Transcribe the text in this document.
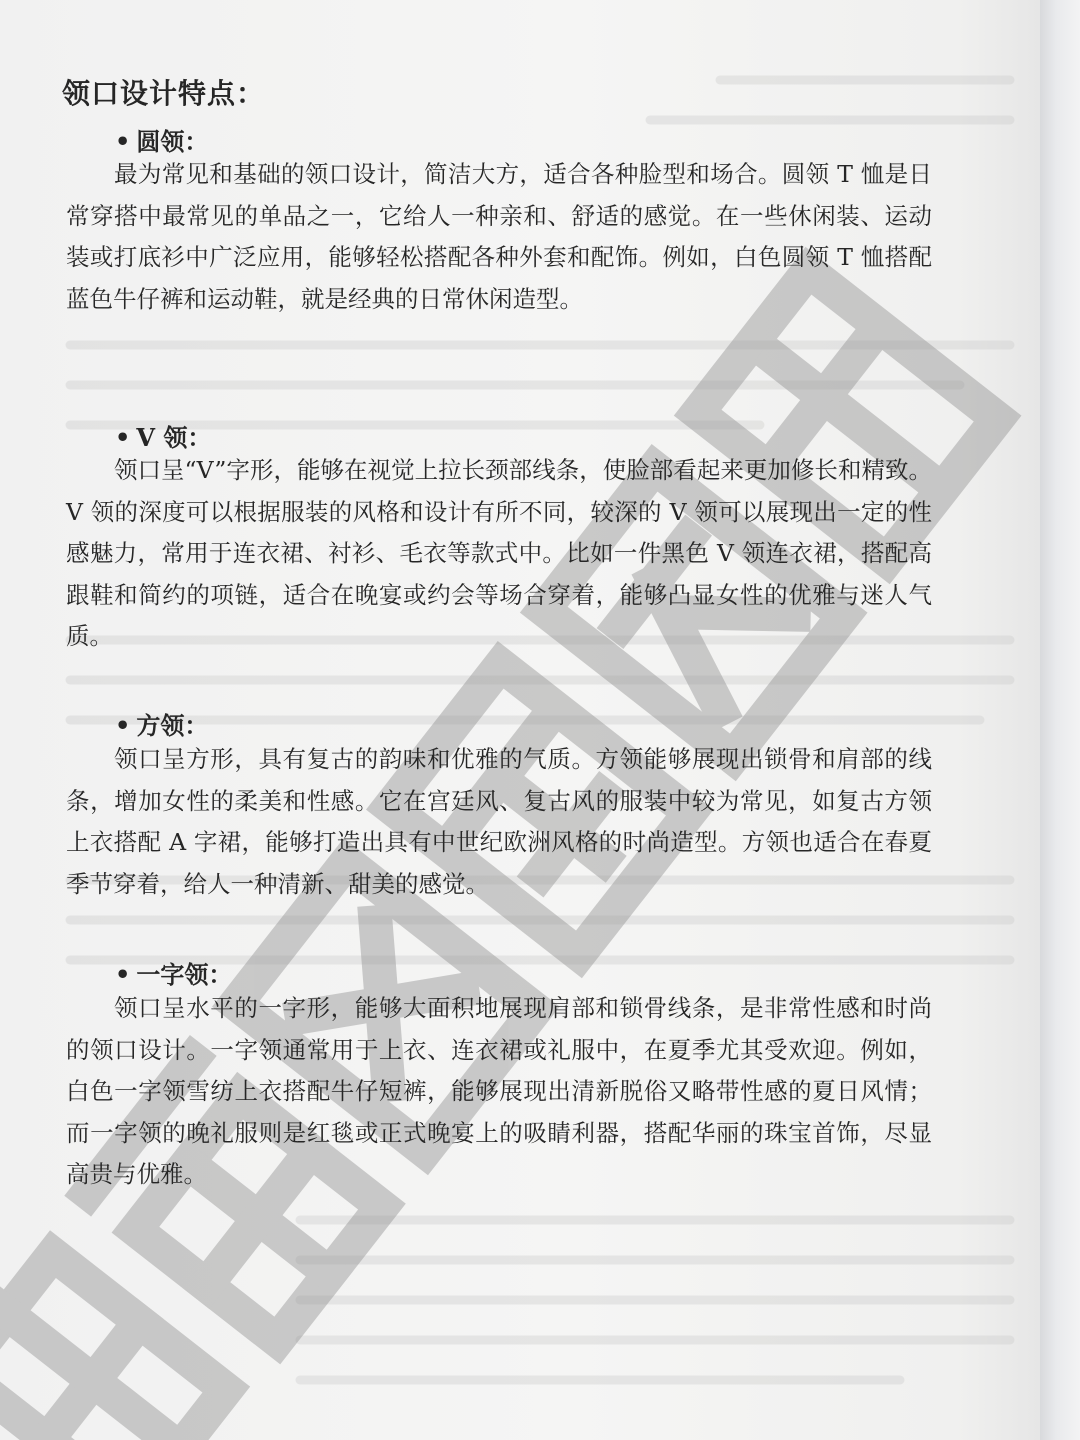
领口设计特点：
• 圆领：

最为常见和基础的领口设计，简洁大方，适合各种脸型和场合。圆领 T 恤是日常穿搭中最常见的单品之一，它给人一种亲和、舒适的感觉。在一些休闲装、运动装或打底衫中广泛应用，能够轻松搭配各种外套和配饰。例如，白色圆领 T 恤搭配蓝色牛仔裤和运动鞋，就是经典的日常休闲造型。

• V 领：

领口呈“V”字形，能够在视觉上拉长颈部线条，使脸部看起来更加修长和精致。V 领的深度可以根据服装的风格和设计有所不同，较深的 V 领可以展现出一定的性感魅力，常用于连衣裙、衬衫、毛衣等款式中。比如一件黑色 V 领连衣裙，搭配高跟鞋和简约的项链，适合在晚宴或约会等场合穿着，能够凸显女性的优雅与迷人气质。

• 方领：

领口呈方形，具有复古的韵味和优雅的气质。方领能够展现出锁骨和肩部的线条，增加女性的柔美和性感。它在宫廷风、复古风的服装中较为常见，如复古方领上衣搭配 A 字裙，能够打造出具有中世纪欧洲风格的时尚造型。方领也适合在春夏季节穿着，给人一种清新、甜美的感觉。

• 一字领：

领口呈水平的一字形，能够大面积地展现肩部和锁骨线条，是非常性感和时尚的领口设计。一字领通常用于上衣、连衣裙或礼服中，在夏季尤其受欢迎。例如，白色一字领雪纺上衣搭配牛仔短裤，能够展现出清新脱俗又略带性感的夏日风情；而一字领的晚礼服则是红毯或正式晚宴上的吸睛利器，搭配华丽的珠宝首饰，尽显高贵与优雅。
